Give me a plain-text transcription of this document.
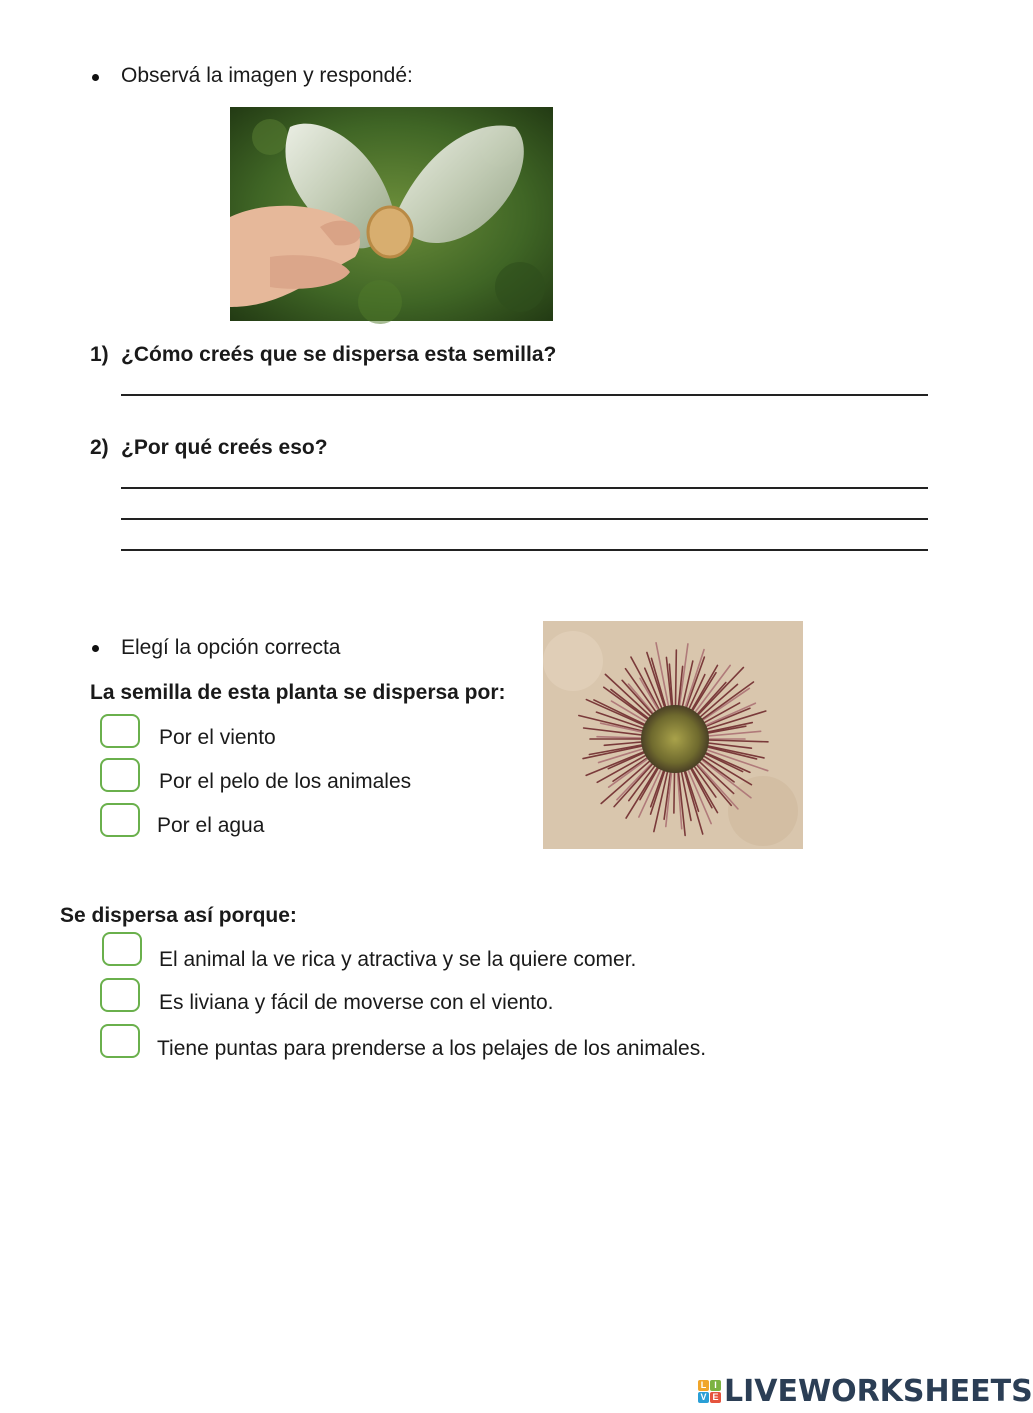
Observá la imagen y respondé:
1) ¿Cómo creés que se dispersa esta semilla?
2) ¿Por qué creés eso?
Elegí la opción correcta
La semilla de esta planta se dispersa por:
Por el viento
Por el pelo de los animales
Por el agua
Se dispersa así porque:
El animal la ve rica y atractiva y se la quiere comer.
Es liviana y fácil de moverse con el viento.
Tiene puntas para prenderse a los pelajes de los animales.
L I
V E LIVEWORKSHEETS
